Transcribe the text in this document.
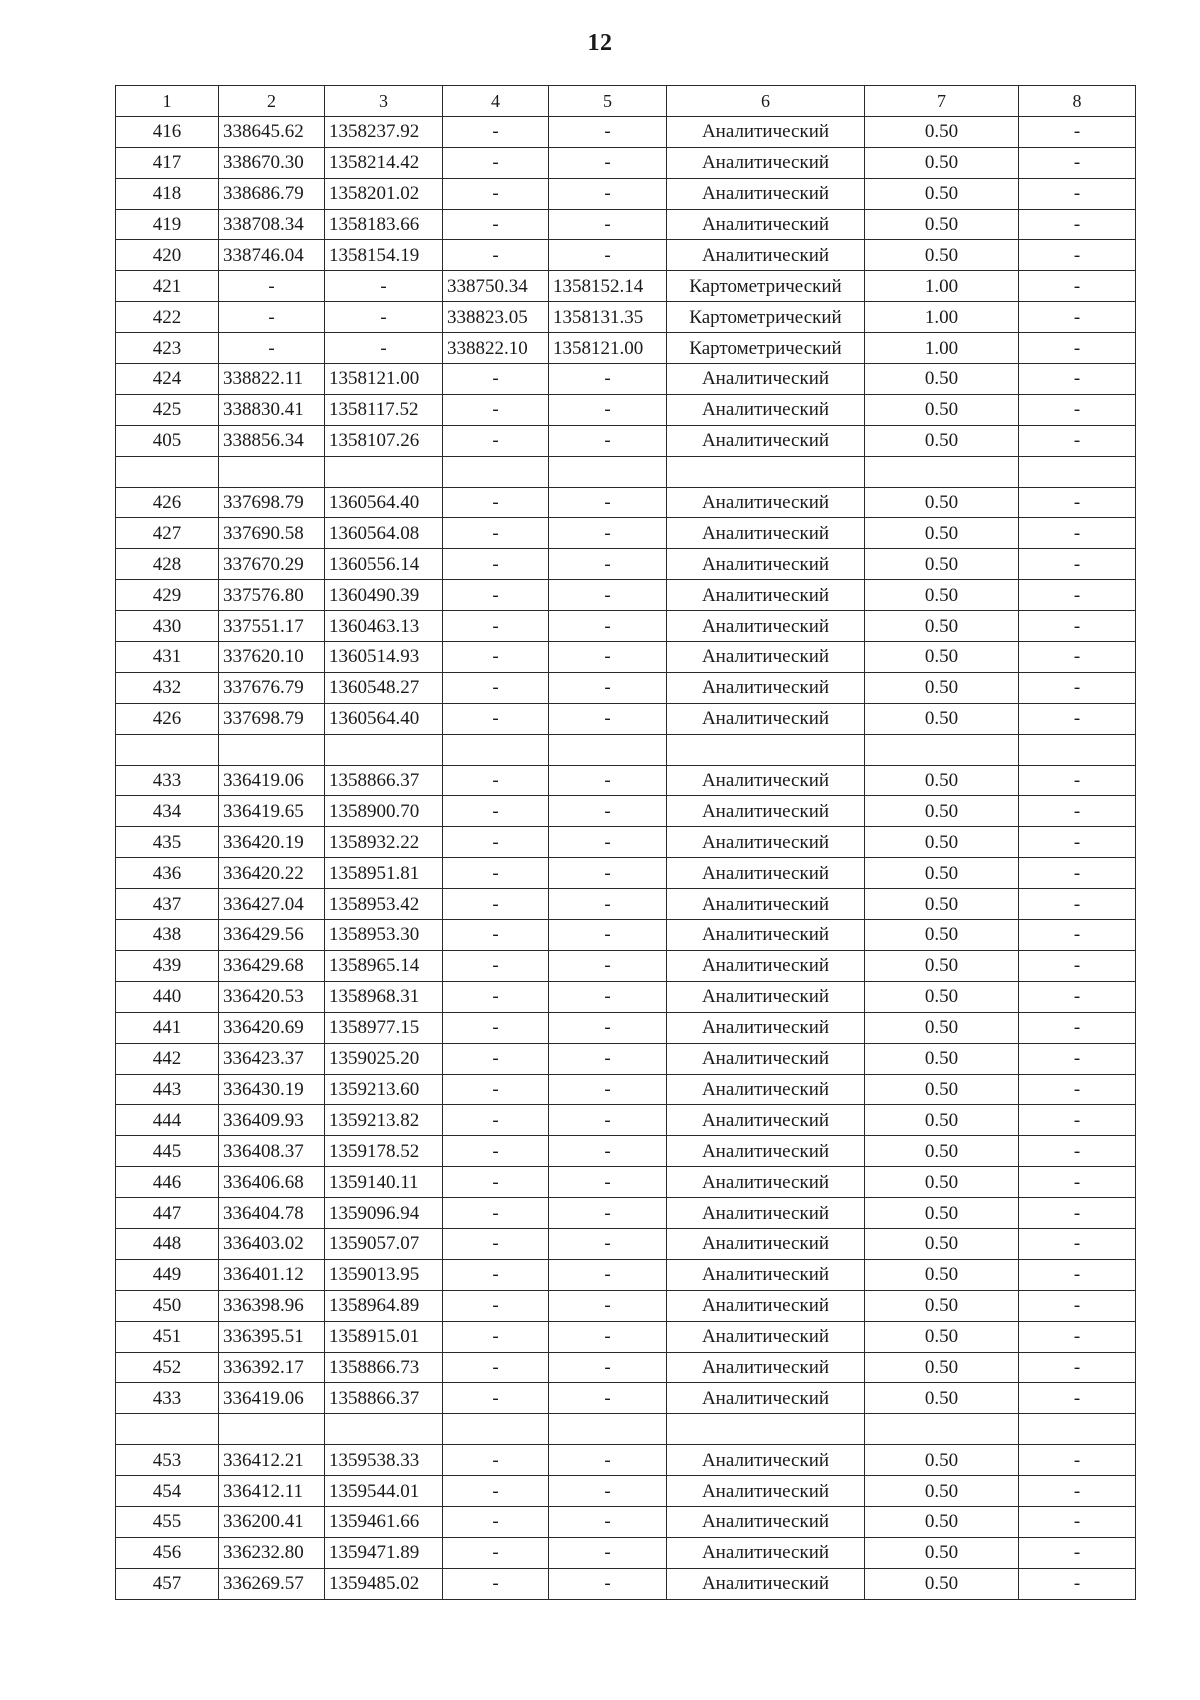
12
1	2	3	4	5	6	7	8
416	338645.62	1358237.92	-	-	Аналитический	0.50	-
417	338670.30	1358214.42	-	-	Аналитический	0.50	-
418	338686.79	1358201.02	-	-	Аналитический	0.50	-
419	338708.34	1358183.66	-	-	Аналитический	0.50	-
420	338746.04	1358154.19	-	-	Аналитический	0.50	-
421	-	-	338750.34	1358152.14	Картометрический	1.00	-
422	-	-	338823.05	1358131.35	Картометрический	1.00	-
423	-	-	338822.10	1358121.00	Картометрический	1.00	-
424	338822.11	1358121.00	-	-	Аналитический	0.50	-
425	338830.41	1358117.52	-	-	Аналитический	0.50	-
405	338856.34	1358107.26	-	-	Аналитический	0.50	-

426	337698.79	1360564.40	-	-	Аналитический	0.50	-
427	337690.58	1360564.08	-	-	Аналитический	0.50	-
428	337670.29	1360556.14	-	-	Аналитический	0.50	-
429	337576.80	1360490.39	-	-	Аналитический	0.50	-
430	337551.17	1360463.13	-	-	Аналитический	0.50	-
431	337620.10	1360514.93	-	-	Аналитический	0.50	-
432	337676.79	1360548.27	-	-	Аналитический	0.50	-
426	337698.79	1360564.40	-	-	Аналитический	0.50	-

433	336419.06	1358866.37	-	-	Аналитический	0.50	-
434	336419.65	1358900.70	-	-	Аналитический	0.50	-
435	336420.19	1358932.22	-	-	Аналитический	0.50	-
436	336420.22	1358951.81	-	-	Аналитический	0.50	-
437	336427.04	1358953.42	-	-	Аналитический	0.50	-
438	336429.56	1358953.30	-	-	Аналитический	0.50	-
439	336429.68	1358965.14	-	-	Аналитический	0.50	-
440	336420.53	1358968.31	-	-	Аналитический	0.50	-
441	336420.69	1358977.15	-	-	Аналитический	0.50	-
442	336423.37	1359025.20	-	-	Аналитический	0.50	-
443	336430.19	1359213.60	-	-	Аналитический	0.50	-
444	336409.93	1359213.82	-	-	Аналитический	0.50	-
445	336408.37	1359178.52	-	-	Аналитический	0.50	-
446	336406.68	1359140.11	-	-	Аналитический	0.50	-
447	336404.78	1359096.94	-	-	Аналитический	0.50	-
448	336403.02	1359057.07	-	-	Аналитический	0.50	-
449	336401.12	1359013.95	-	-	Аналитический	0.50	-
450	336398.96	1358964.89	-	-	Аналитический	0.50	-
451	336395.51	1358915.01	-	-	Аналитический	0.50	-
452	336392.17	1358866.73	-	-	Аналитический	0.50	-
433	336419.06	1358866.37	-	-	Аналитический	0.50	-

453	336412.21	1359538.33	-	-	Аналитический	0.50	-
454	336412.11	1359544.01	-	-	Аналитический	0.50	-
455	336200.41	1359461.66	-	-	Аналитический	0.50	-
456	336232.80	1359471.89	-	-	Аналитический	0.50	-
457	336269.57	1359485.02	-	-	Аналитический	0.50	-
